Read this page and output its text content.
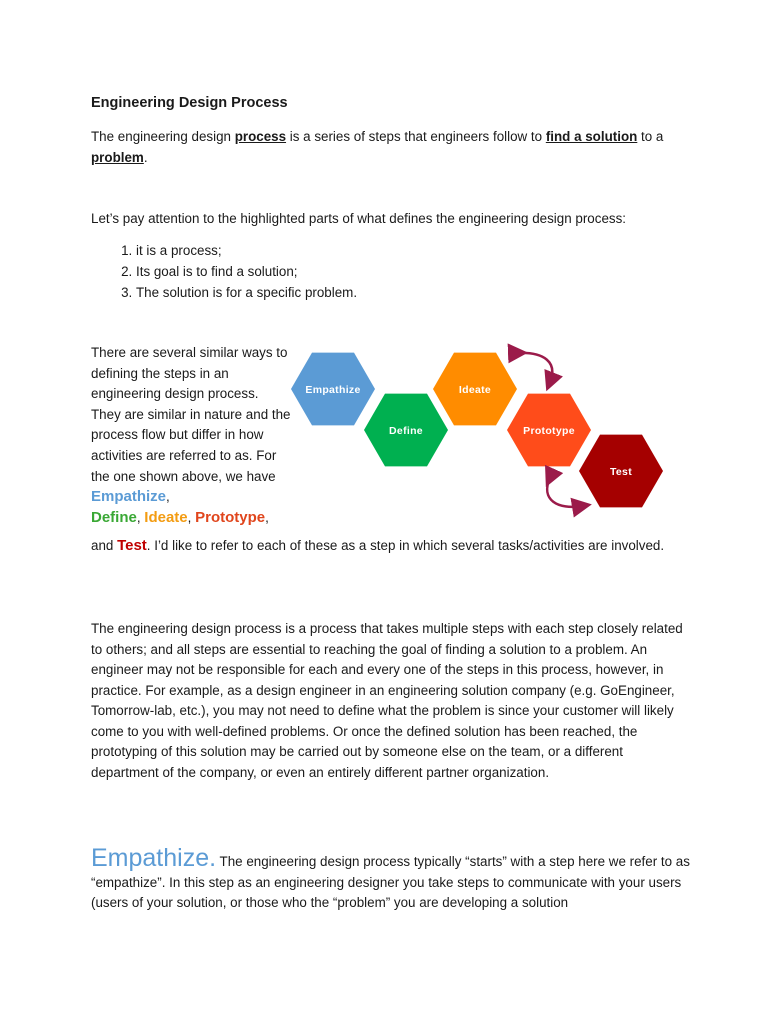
Engineering Design Process
The engineering design process is a series of steps that engineers follow to find a solution to a problem.
Let’s pay attention to the highlighted parts of what defines the engineering design process:
1. it is a process;
2. Its goal is to find a solution;
3. The solution is for a specific problem.
There are several similar ways to defining the steps in an engineering design process. They are similar in nature and the process flow but differ in how activities are referred to as. For the one shown above, we have Empathize,
Define, Ideate, Prototype,
and Test. I’d like to refer to each of these as a step in which several tasks/activities are involved.
Empathize
Define
Ideate
Prototype
Test
The engineering design process is a process that takes multiple steps with each step closely related to others; and all steps are essential to reaching the goal of finding a solution to a problem. An engineer may not be responsible for each and every one of the steps in this process, however, in practice. For example, as a design engineer in an engineering solution company (e.g. GoEngineer, Tomorrow-lab, etc.), you may not need to define what the problem is since your customer will likely come to you with well-defined problems. Or once the defined solution has been reached, the prototyping of this solution may be carried out by someone else on the team, or a different department of the company, or even an entirely different partner organization.
Empathize. The engineering design process typically “starts” with a step here we refer to as “empathize”. In this step as an engineering designer you take steps to communicate with your users (users of your solution, or those who the “problem” you are developing a solution
